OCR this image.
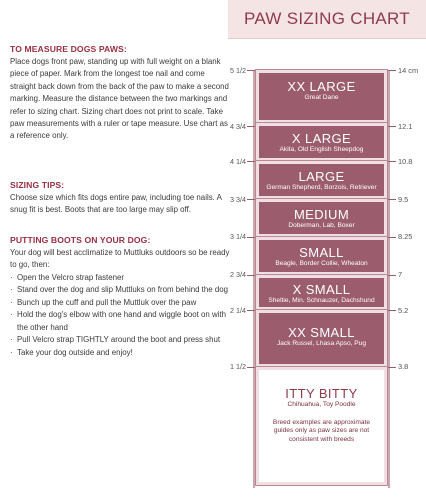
PAW SIZING CHART
TO MEASURE DOGS PAWS:

Place dogs front paw, standing up with full weight on a blank piece of paper. Mark from the longest toe nail and come straight back down from the back of the paw to make a second marking. Measure the distance between the two markings and refer to sizing chart. Sizing chart does not print to scale. Take paw measurements with a ruler or tape measure. Use chart as a reference only.

SIZING TIPS:

Choose size which fits dogs entire paw, including toe nails. A snug fit is best. Boots that are too large may slip off.

PUTTING BOOTS ON YOUR DOG:

Your dog will best acclimatize to Muttluks outdoors so be ready to go, then:

· Open the Velcro strap fastener
· Stand over the dog and slip Muttluks on from behind the dog
· Bunch up the cuff and pull the Muttluk over the paw
· Hold the dog's elbow with one hand and wiggle boot on with the other hand
· Pull Velcro strap TIGHTLY around the boot and press shut
· Take your dog outside and enjoy!
XX LARGE
Great Dane
X LARGE
Akita, Old English Sheepdog
LARGE
German Shepherd, Borzois, Retriever
MEDIUM
Doberman, Lab, Boxer
SMALL
Beagle, Border Collie, Wheaton
X SMALL
Sheltie, Min. Schnauzer, Dachshund
XX SMALL
Jack Russel, Lhasa Apso, Pug
ITTY BITTY
Chihuahua, Toy Poodle
Breed examples are approximate guides only as paw sizes are not consistent with breeds
5 1/2
4 3/4
4 1/4
3 3/4
3 1/4
2 3/4
2 1/4
1 1/2
14 cm
12.1
10.8
9.5
8.25
7
5.2
3.8
